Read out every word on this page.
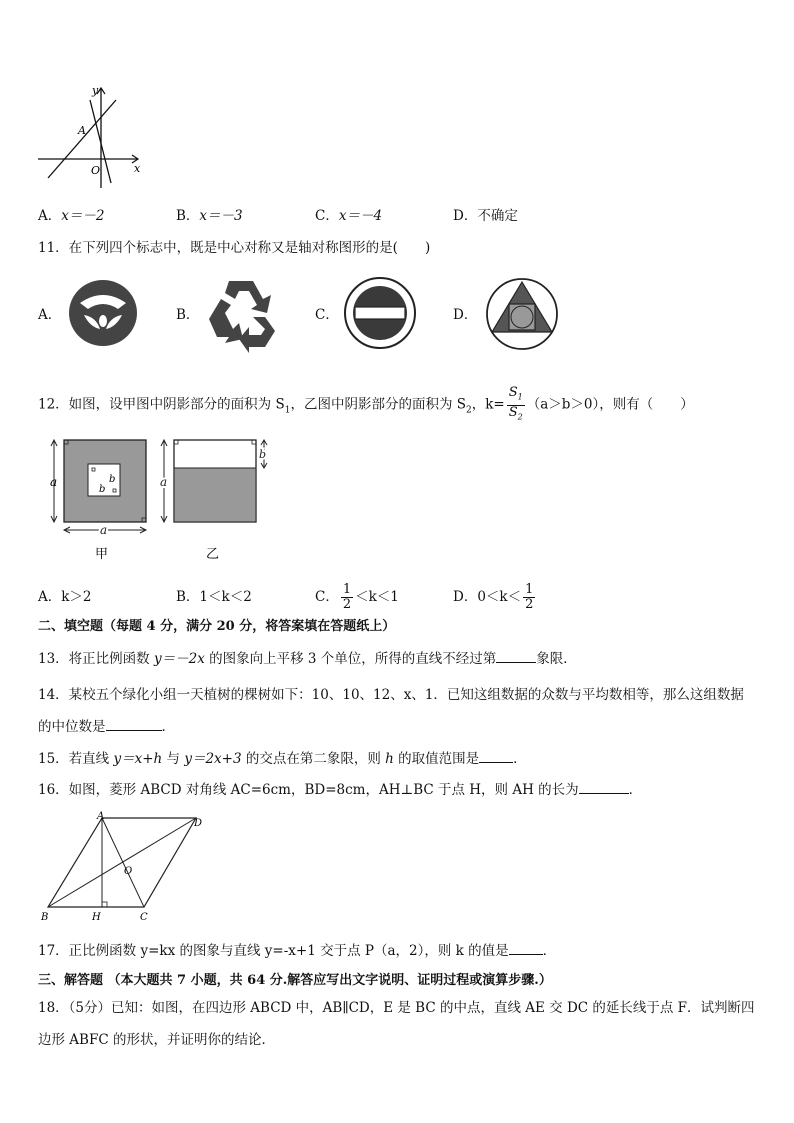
y
x
A
O
A．x＝－2	B．x＝－3	C．x＝－4	D．不确定
11．在下列四个标志中，既是中心对称又是轴对称图形的是(　　)
A．	B．	C．	D．
12．如图，设甲图中阴影部分的面积为 $S_1$，乙图中阴影部分的面积为 $S_2$，$k= \frac{S_1}{S_2} (a>b>0)$，则有（　　）
a
a
b
b
甲
a
b
乙
A．k＞2	B．1＜k＜2	C． $\frac{1}{2} <k<1$	D．$0<k< \frac{1}{2}$
二、填空题（每题 4 分，满分 20 分，将答案填在答题纸上）
13．将正比例函数 y＝－2x 的图象向上平移 3 个单位，所得的直线不经过第	象限．
14．某校五个绿化小组一天植树的棵树如下：10、10、12、x、1．已知这组数据的众数与平均数相等，那么这组数据
的中位数是	．
15．若直线 y＝x+h 与 y＝2x+3 的交点在第二象限，则 h 的取值范围是	．
16．如图，菱形 ABCD 对角线 AC=6cm，BD=8cm，AH⊥BC 于点 H，则 AH 的长为	．
A
D
B	C
O
H
17．正比例函数 y=kx 的图象与直线 y=-x+1 交于点 P（a，2），则 k 的值是	．
三、解答题 （本大题共 7 小题，共 64 分.解答应写出文字说明、证明过程或演算步骤.）
18．（5分）已知：如图，在四边形 ABCD 中，AB∥CD，E 是 BC 的中点，直线 AE 交 DC 的延长线于点 F．试判断四
边形 ABFC 的形状，并证明你的结论．
